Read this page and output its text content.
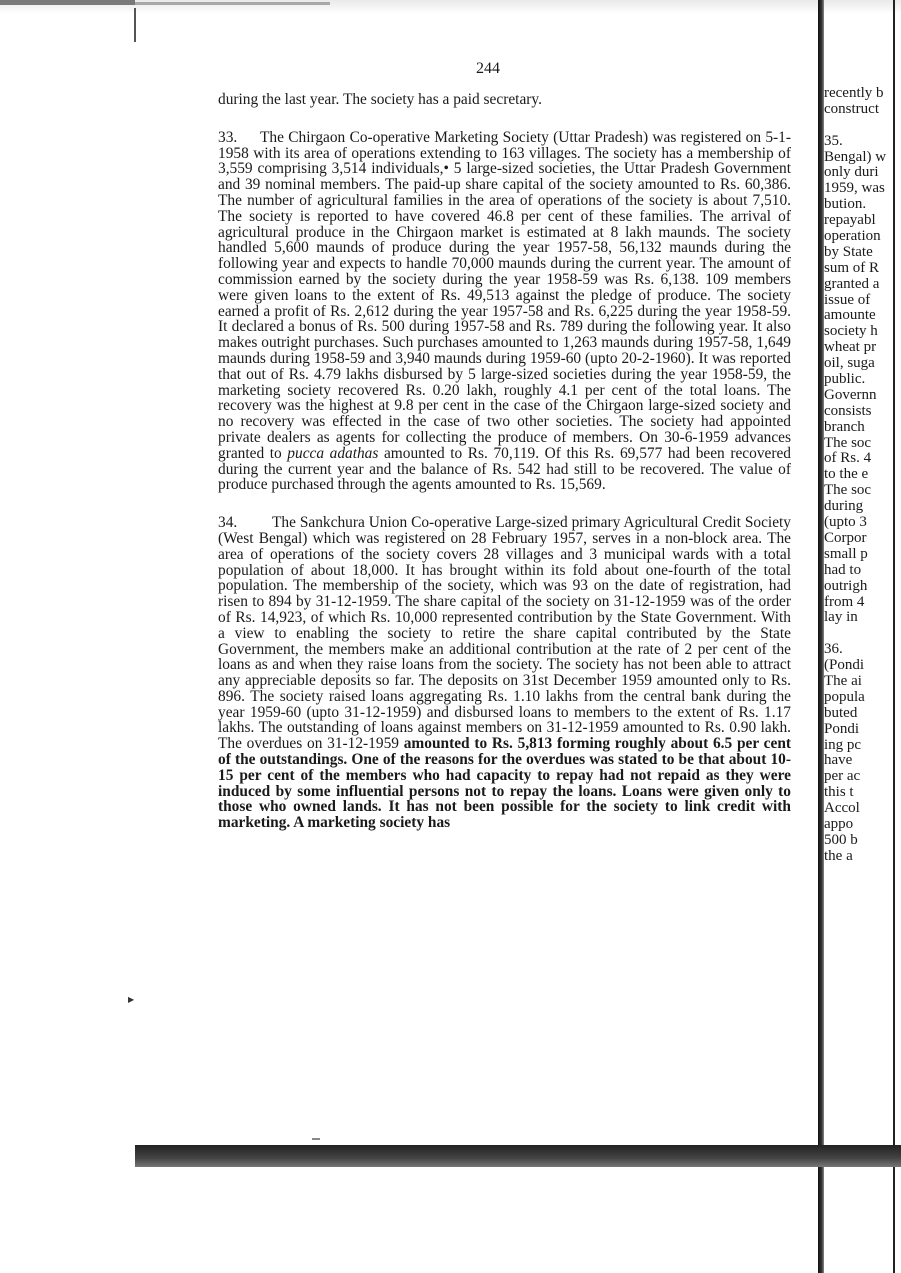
244

during the last year. The society has a paid secretary.

33. The Chirgaon Co-operative Marketing Society (Uttar Pradesh) was registered on 5-1-1958 with its area of operations extending to 163 villages. The society has a membership of 3,559 comprising 3,514 individuals,• 5 large-sized societies, the Uttar Pradesh Government and 39 nominal members. The paid-up share capital of the society amounted to Rs. 60,386. The number of agricultural families in the area of operations of the society is about 7,510. The society is reported to have covered 46.8 per cent of these families. The arrival of agricultural produce in the Chirgaon market is estimated at 8 lakh maunds. The society handled 5,600 maunds of produce during the year 1957-58, 56,132 maunds during the following year and expects to handle 70,000 maunds during the current year. The amount of commission earned by the society during the year 1958-59 was Rs. 6,138. 109 members were given loans to the extent of Rs. 49,513 against the pledge of produce. The society earned a profit of Rs. 2,612 during the year 1957-58 and Rs. 6,225 during the year 1958-59. It declared a bonus of Rs. 500 during 1957-58 and Rs. 789 during the following year. It also makes outright purchases. Such purchases amounted to 1,263 maunds during 1957-58, 1,649 maunds during 1958-59 and 3,940 maunds during 1959-60 (upto 20-2-1960). It was reported that out of Rs. 4.79 lakhs disbursed by 5 large-sized societies during the year 1958-59, the marketing society recovered Rs. 0.20 lakh, roughly 4.1 per cent of the total loans. The recovery was the highest at 9.8 per cent in the case of the Chirgaon large-sized society and no recovery was effected in the case of two other societies. The society had appointed private dealers as agents for collecting the produce of members. On 30-6-1959 advances granted to pucca adathas amounted to Rs. 70,119. Of this Rs. 69,577 had been recovered during the current year and the balance of Rs. 542 had still to be recovered. The value of produce purchased through the agents amounted to Rs. 15,569.

34. The Sankchura Union Co-operative Large-sized primary Agricultural Credit Society (West Bengal) which was registered on 28 February 1957, serves in a non-block area. The area of operations of the society covers 28 villages and 3 municipal wards with a total population of about 18,000. It has brought within its fold about one-fourth of the total population. The membership of the society, which was 93 on the date of registration, had risen to 894 by 31-12-1959. The share capital of the society on 31-12-1959 was of the order of Rs. 14,923, of which Rs. 10,000 represented contribution by the State Government. With a view to enabling the society to retire the share capital contributed by the State Government, the members make an additional contribution at the rate of 2 per cent of the loans as and when they raise loans from the society. The society has not been able to attract any appreciable deposits so far. The deposits on 31st December 1959 amounted only to Rs. 896. The society raised loans aggregating Rs. 1.10 lakhs from the central bank during the year 1959-60 (upto 31-12-1959) and disbursed loans to members to the extent of Rs. 1.17 lakhs. The outstanding of loans against members on 31-12-1959 amounted to Rs. 0.90 lakh. The overdues on 31-12-1959 amounted to Rs. 5,813 forming roughly about 6.5 per cent of the outstandings. One of the reasons for the overdues was stated to be that about 10-15 per cent of the members who had capacity to repay had not repaid as they were induced by some influential persons not to repay the loans. Loans were given only to those who owned lands. It has not been possible for the society to link credit with marketing. A marketing society has

recently b
construct
35.
Bengal) w
only duri
1959, was
bution.
repayabl
operation
by State
sum of R
granted a
issue of
amounte
society h
wheat pr
oil, suga
public.
Governn
consists
branch
The soc
of Rs. 4
to the e
The soc
during
(upto 3
Corpor
small p
had to
outrigh
from 4
lay in
36.
(Pondi
The ai
popula
buted
Pondi
ing pc
have
per ac
this t
Accol
appo
500 b
the a
▶
